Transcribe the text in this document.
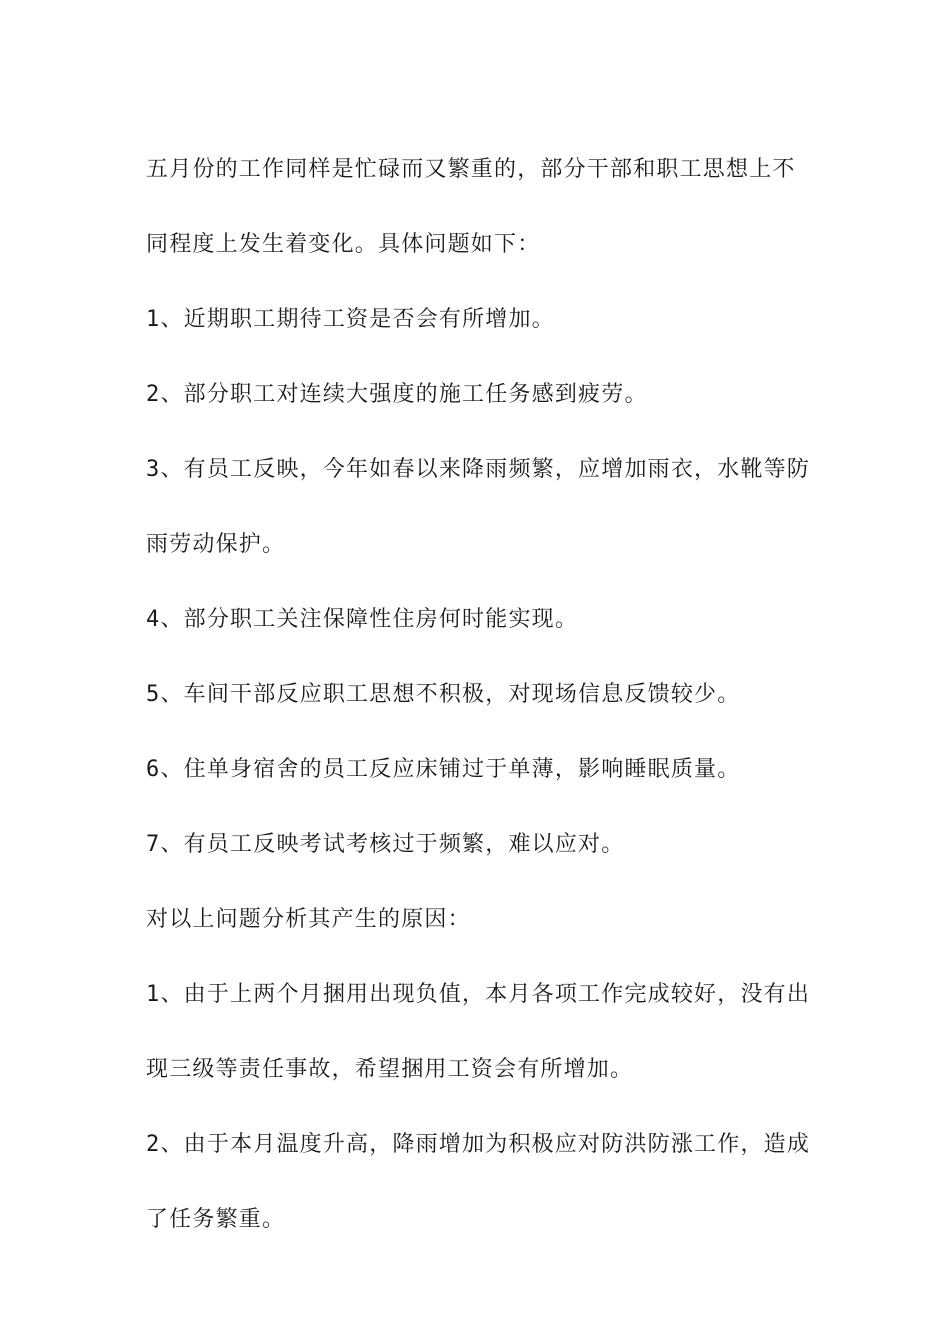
五月份的工作同样是忙碌而又繁重的，部分干部和职工思想上不同程度上发生着变化。具体问题如下：

1、近期职工期待工资是否会有所增加。

2、部分职工对连续大强度的施工任务感到疲劳。

3、有员工反映，今年如春以来降雨频繁，应增加雨衣，水靴等防雨劳动保护。

4、部分职工关注保障性住房何时能实现。

5、车间干部反应职工思想不积极，对现场信息反馈较少。

6、住单身宿舍的员工反应床铺过于单薄，影响睡眠质量。

7、有员工反映考试考核过于频繁，难以应对。

对以上问题分析其产生的原因：

1、由于上两个月捆用出现负值，本月各项工作完成较好，没有出现三级等责任事故，希望捆用工资会有所增加。

2、由于本月温度升高，降雨增加为积极应对防洪防涨工作，造成了任务繁重。
